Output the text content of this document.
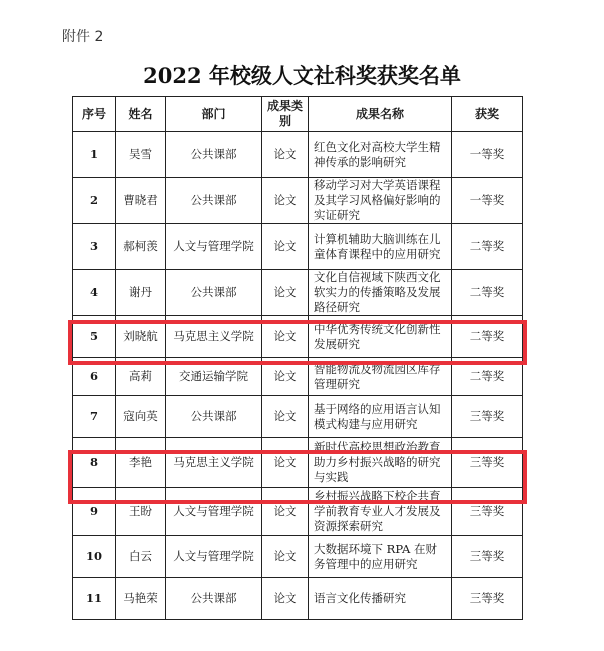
附件 2
2022 年校级人文社科奖获奖名单
序号	姓名	部门	成果类别	成果名称	获奖
1	吴雪	公共课部	论文	红色文化对高校大学生精神传承的影响研究	一等奖
2	曹晓君	公共课部	论文	移动学习对大学英语课程及其学习风格偏好影响的实证研究	一等奖
3	郝柯羡	人文与管理学院	论文	计算机辅助大脑训练在儿童体育课程中的应用研究	二等奖
4	谢丹	公共课部	论文	文化自信视域下陕西文化软实力的传播策略及发展路径研究	二等奖
5	刘晓航	马克思主义学院	论文	中华优秀传统文化创新性发展研究	二等奖
6	高莉	交通运输学院	论文	智能物流及物流园区库存管理研究	二等奖
7	寇向英	公共课部	论文	基于网络的应用语言认知模式构建与应用研究	三等奖
8	李艳	马克思主义学院	论文	新时代高校思想政治教育助力乡村振兴战略的研究与实践	三等奖
9	王盼	人文与管理学院	论文	乡村振兴战略下校企共育学前教育专业人才发展及资源探索研究	三等奖
10	白云	人文与管理学院	论文	大数据环境下 RPA 在财务管理中的应用研究	三等奖
11	马艳荣	公共课部	论文	语言文化传播研究	三等奖
